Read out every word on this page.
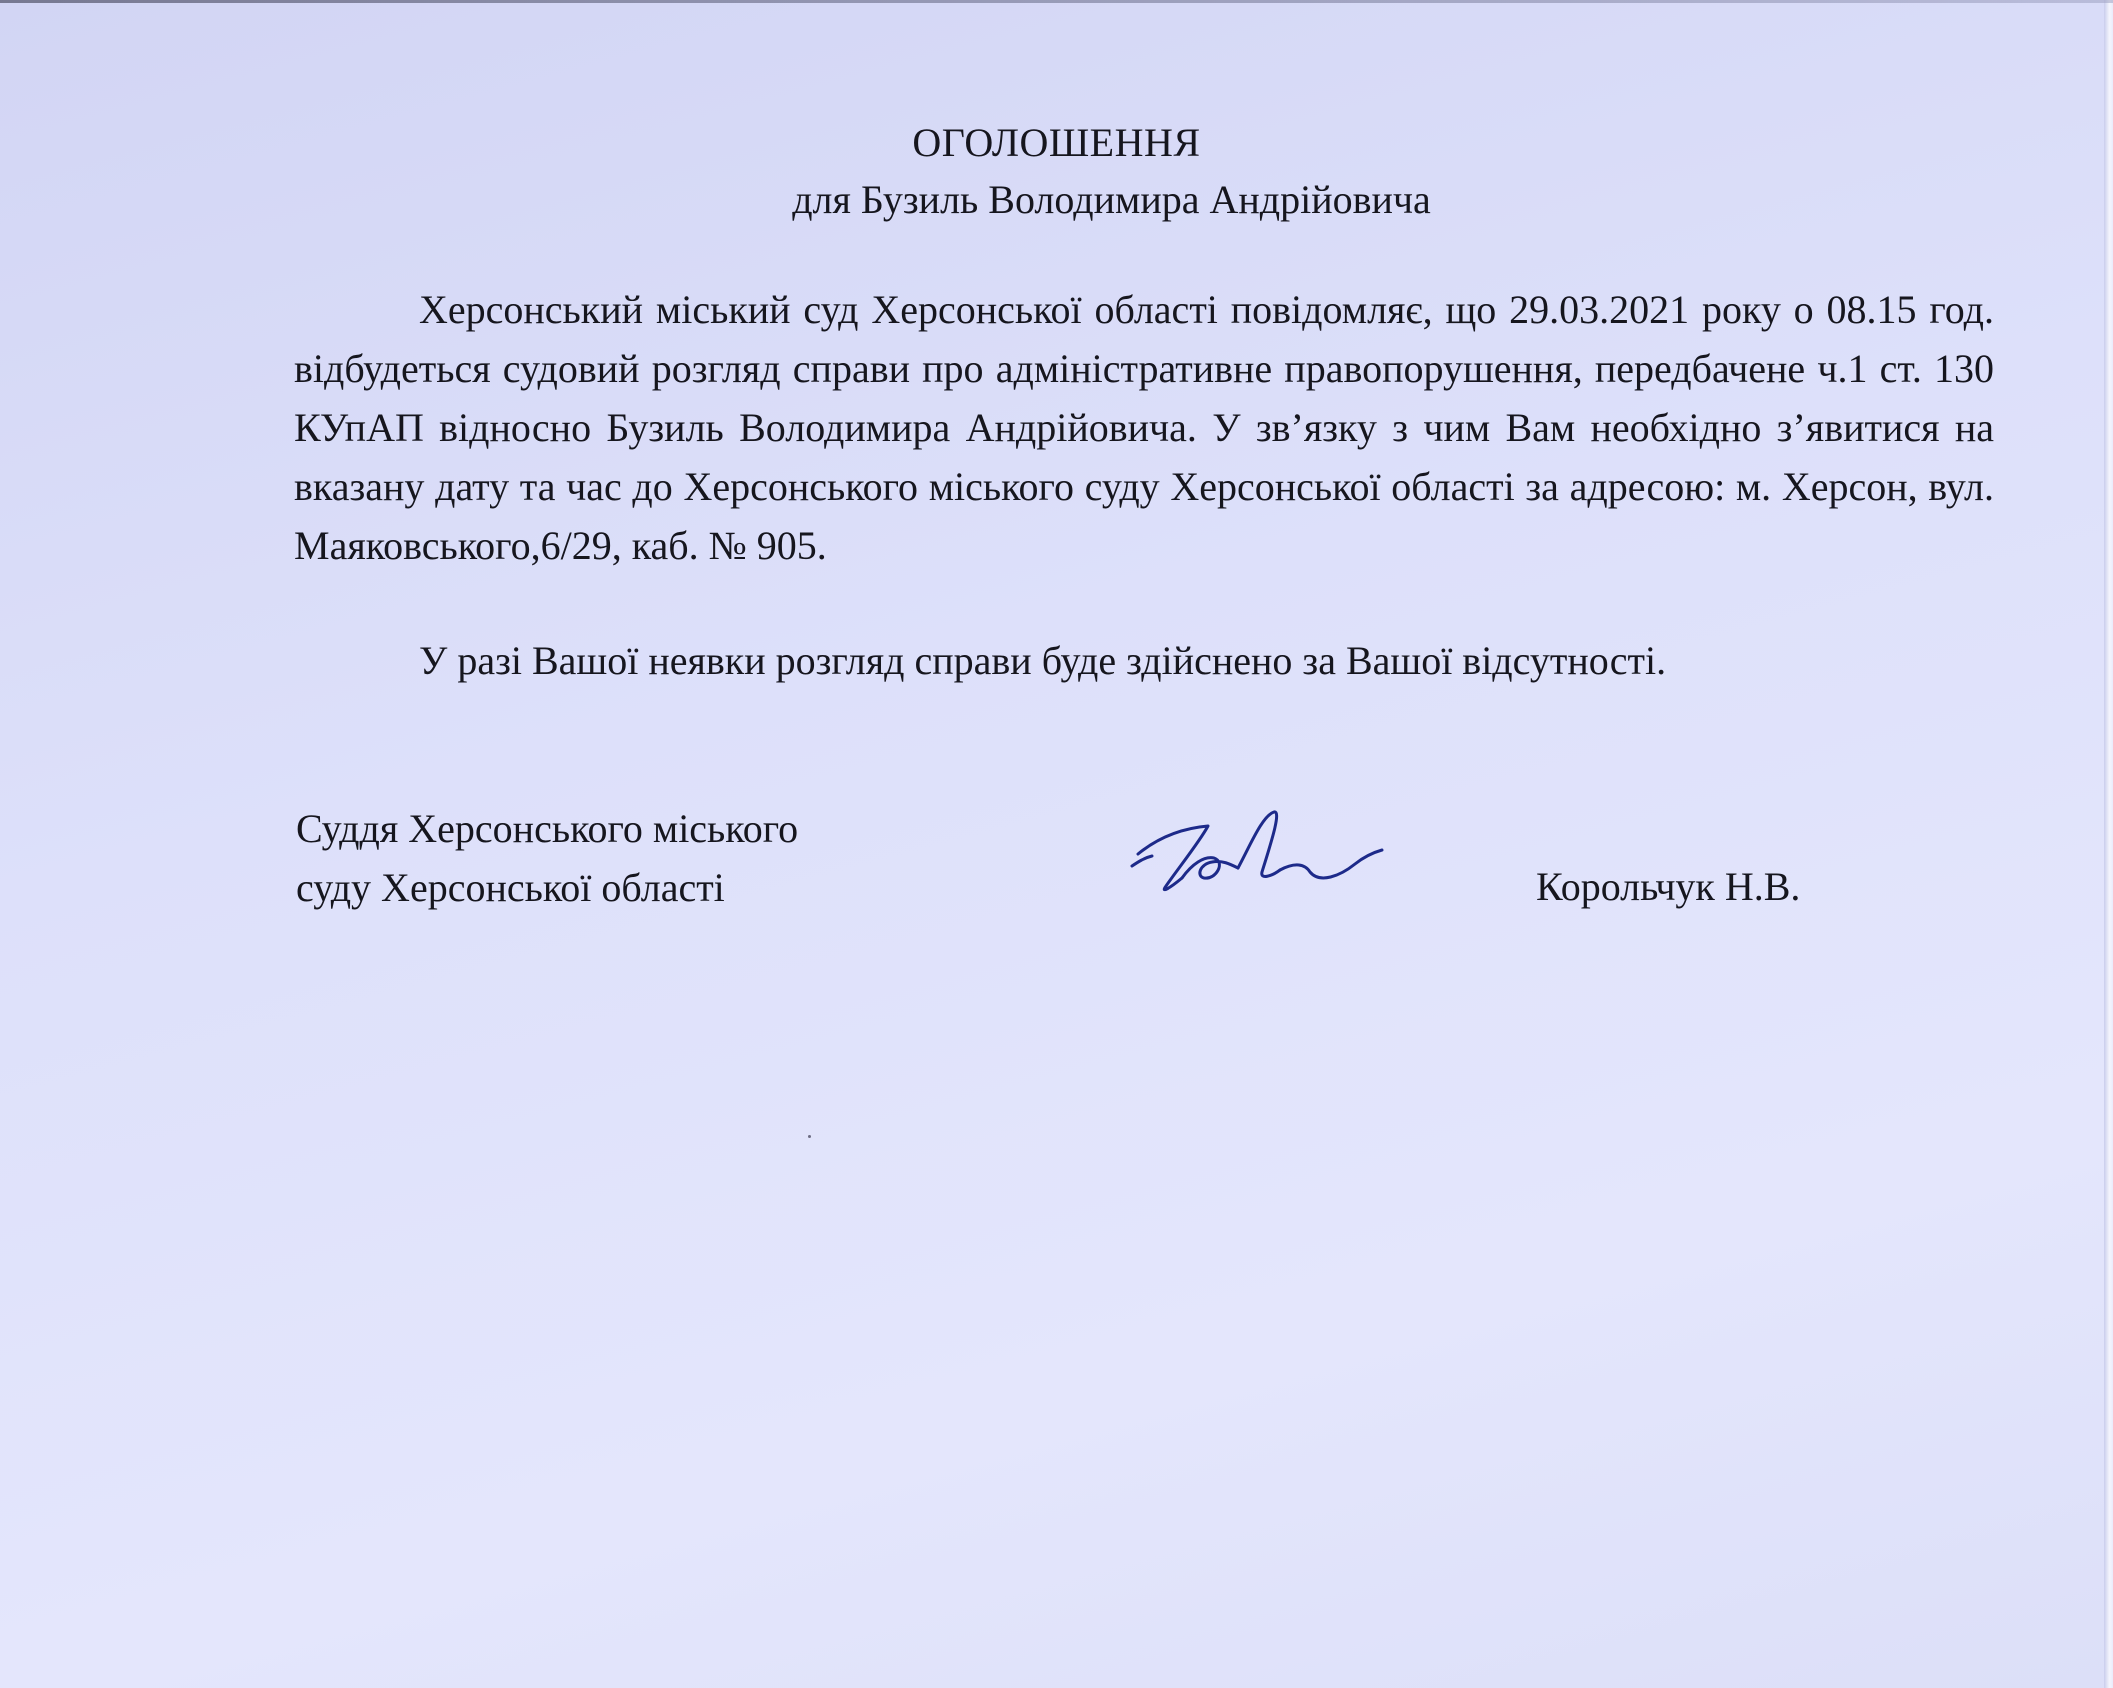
ОГОЛОШЕННЯ
для Бузиль Володимира Андрійовича

Херсонський міський суд Херсонської області повідомляє, що 29.03.2021 року о 08.15 год. відбудеться судовий розгляд справи про адміністративне правопорушення, передбачене ч.1 ст. 130 КУпАП відносно Бузиль Володимира Андрійовича. У зв’язку з чим Вам необхідно з’явитися на вказану дату та час до Херсонського міського суду Херсонської області за адресою: м. Херсон, вул. Маяковського,6/29, каб. № 905.

У разі Вашої неявки розгляд справи буде здійснено за Вашої відсутності.

Суддя Херсонського міського
суду Херсонської області	Корольчук Н.В.
